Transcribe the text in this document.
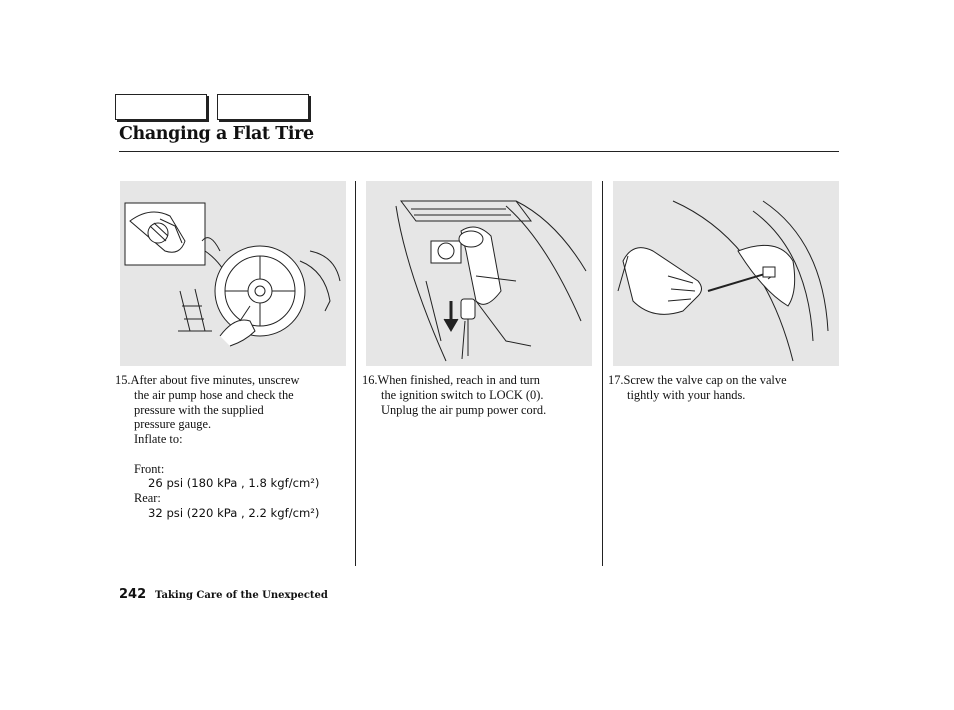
Changing a Flat Tire
15. After about five minutes, unscrew
the air pump hose and check the
pressure with the supplied
pressure gauge.
Inflate to:
Front:
26 psi (180 kPa , 1.8 kgf/cm²)
Rear:
32 psi (220 kPa , 2.2 kgf/cm²)
16. When finished, reach in and turn
the ignition switch to LOCK (0).
Unplug the air pump power cord.
17. Screw the valve cap on the valve
tightly with your hands.
242 Taking Care of the Unexpected
